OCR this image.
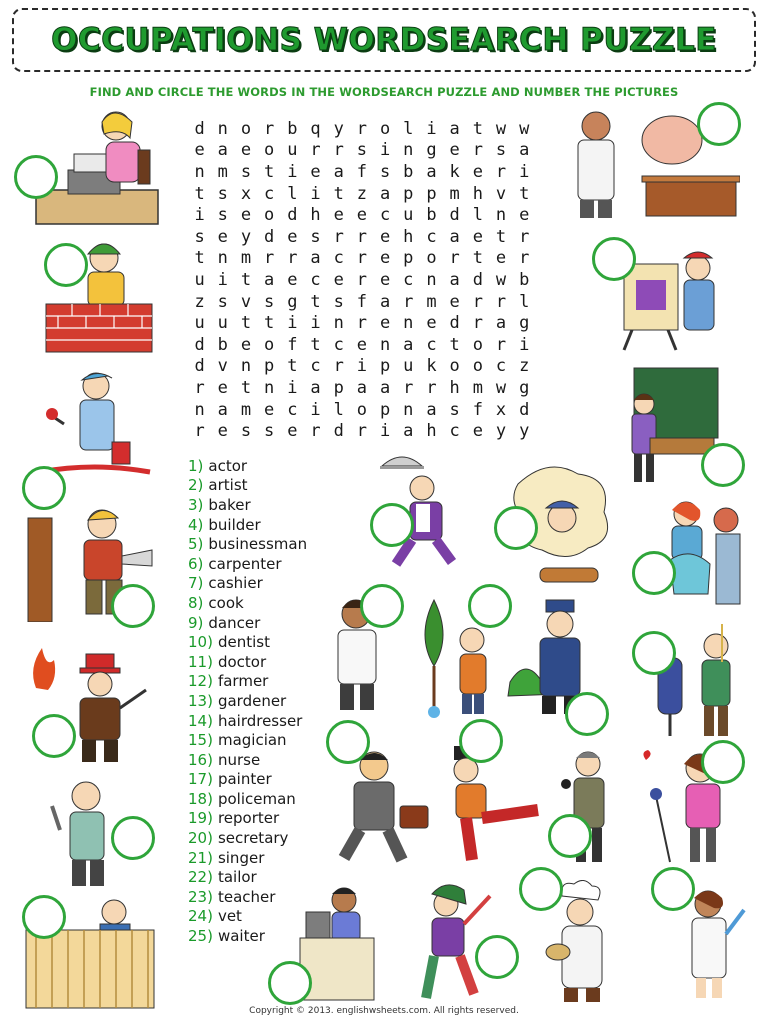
OCCUPATIONS WORDSEARCH PUZZLE
FIND AND CIRCLE THE WORDS IN THE WORDSEARCH PUZZLE AND NUMBER THE PICTURES
d n o r b q y r o l i a t w w
e a e o u r r s i n g e r s a
n m s t i e a f s b a k e r i
t s x c l i t z a p p m h v t
i s e o d h e e c u b d l n e
s e y d e s r r e h c a e t r
t n m r r a c r e p o r t e r
u i t a e c e r e c n a d w b
z s v s g t s f a r m e r r l
u u t t i i n r e n e d r a g
d b e o f t c e n a c t o r i
d v n p t c r i p u k o o c z
r e t n i a p a a r r h m w g
n a m e c i l o p n a s f x d
r e s s e r d r i a h c e y y
1) actor
2) artist
3) baker
4) builder
5) businessman
6) carpenter
7) cashier
8) cook
9) dancer
10) dentist
11) doctor
12) farmer
13) gardener
14) hairdresser
15) magician
16) nurse
17) painter
18) policeman
19) reporter
20) secretary
21) singer
22) tailor
23) teacher
24) vet
25) waiter
Copyright © 2013. englishwsheets.com. All rights reserved.
